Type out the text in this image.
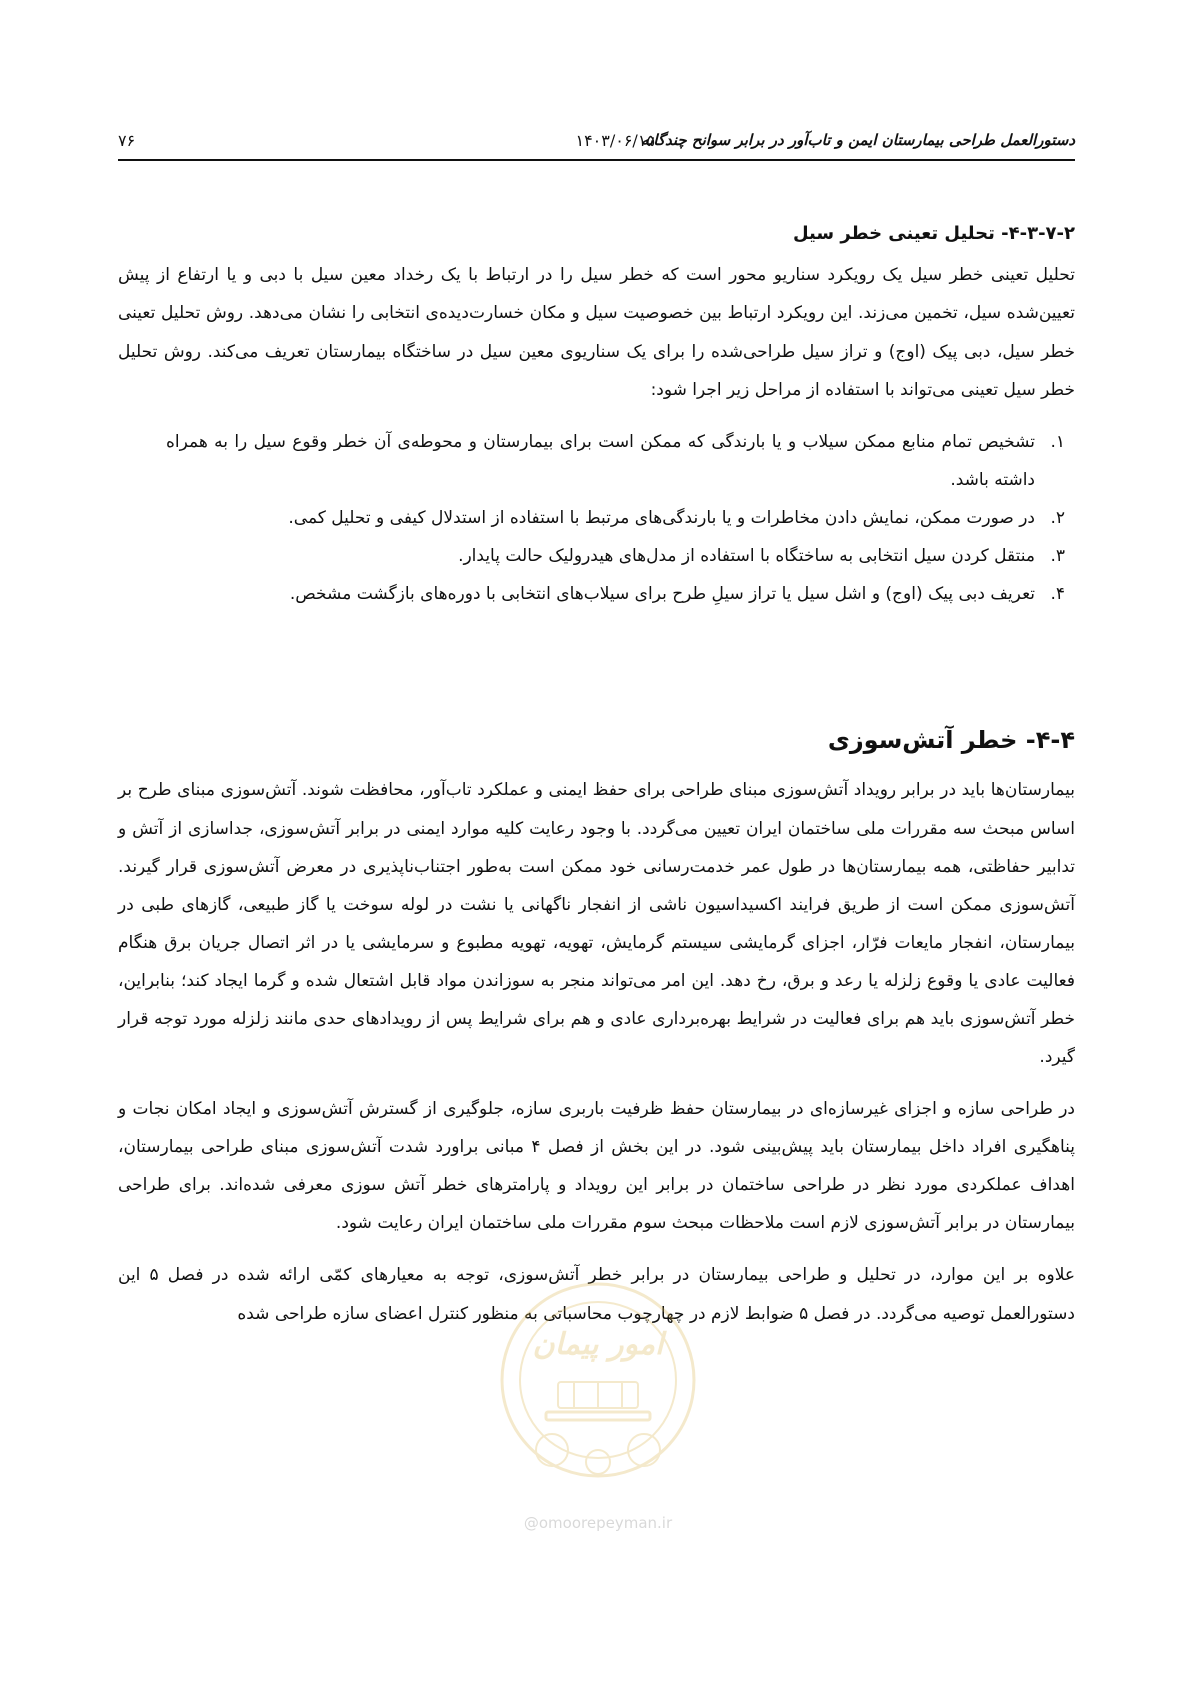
دستورالعمل طراحی بیمارستان ایمن و تاب‌آور در برابر سوانح چندگانه
۱۴۰۳/۰۶/۱۵
۷۶
۴-۳-۷-۲- تحلیل تعینی خطر سیل

تحلیل تعینی خطر سیل یک رویکرد سناریو محور است که خطر سیل را در ارتباط با یک رخداد معین سیل با دبی و یا ارتفاع از پیش تعیین‌شده سیل، تخمین می‌زند. این رویکرد ارتباط بین خصوصیت سیل و مکان خسارت‌دیده‌ی انتخابی را نشان می‌دهد. روش تحلیل تعینی خطر سیل، دبی پیک (اوج) و تراز سیل طراحی‌شده را برای یک سناریوی معین سیل در ساختگاه بیمارستان تعریف می‌کند. روش تحلیل خطر سیل تعینی می‌تواند با استفاده از مراحل زیر اجرا شود:

۱.
تشخیص تمام منابع ممکن سیلاب و یا بارندگی که ممکن است برای بیمارستان و محوطه‌ی آن خطر وقوع سیل را به همراه داشته باشد.
۲.
در صورت ممکن، نمایش دادن مخاطرات و یا بارندگی‌های مرتبط با استفاده از استدلال کیفی و تحلیل کمی.
۳.
منتقل کردن سیل انتخابی به ساختگاه با استفاده از مدل‌های هیدرولیک حالت پایدار.
۴.
تعریف دبی پیک (اوج) و اشل سیل یا تراز سیلِ طرح برای سیلاب‌های انتخابی با دوره‌های بازگشت مشخص.
۴-۴- خطر آتش‌سوزی

بیمارستان‌ها باید در برابر رویداد آتش‌سوزی مبنای طراحی برای حفظ ایمنی و عملکرد تاب‌آور، محافظت شوند. آتش‌سوزی مبنای طرح بر اساس مبحث سه مقررات ملی ساختمان ایران تعیین می‌گردد. با وجود رعایت کلیه موارد ایمنی در برابر آتش‌سوزی، جداسازی از آتش و تدابیر حفاظتی، همه بیمارستان‌ها در طول عمر خدمت‌رسانی خود ممکن است به‌طور اجتناب‌ناپذیری در معرض آتش‌سوزی قرار گیرند. آتش‌سوزی ممکن است از طریق فرایند اکسیداسیون ناشی از انفجار ناگهانی یا نشت در لوله سوخت یا گاز طبیعی، گازهای طبی در بیمارستان، انفجار مایعات فرّار، اجزای گرمایشی سیستم گرمایش، تهویه، تهویه مطبوع و سرمایشی یا در اثر اتصال جریان برق هنگام فعالیت عادی یا وقوع زلزله یا رعد و برق، رخ دهد. این امر می‌تواند منجر به سوزاندن مواد قابل اشتعال شده و گرما ایجاد کند؛ بنابراین، خطر آتش‌سوزی باید هم برای فعالیت در شرایط بهره‌برداری عادی و هم برای شرایط پس از رویدادهای حدی مانند زلزله مورد توجه قرار گیرد.

در طراحی سازه و اجزای غیرسازه‌ای در بیمارستان حفظ ظرفیت باربری سازه، جلوگیری از گسترش آتش‌سوزی و ایجاد امکان نجات و پناهگیری افراد داخل بیمارستان باید پیش‌بینی شود. در این بخش از فصل ۴ مبانی براورد شدت آتش‌سوزی مبنای طراحی بیمارستان، اهداف عملکردی مورد نظر در طراحی ساختمان در برابر این رویداد و پارامترهای خطر آتش سوزی معرفی شده‌اند. برای طراحی بیمارستان در برابر آتش‌سوزی لازم است ملاحظات مبحث سوم مقررات ملی ساختمان ایران رعایت شود.

علاوه بر این موارد، در تحلیل و طراحی بیمارستان در برابر خطر آتش‌سوزی، توجه به معیارهای کمّی ارائه شده در فصل ۵ این دستورالعمل توصیه می‌گردد. در فصل ۵ ضوابط لازم در چهارچوب محاسباتی به منظور کنترل اعضای سازه طراحی شده

امور پیمان
@omoorepeyman.ir
